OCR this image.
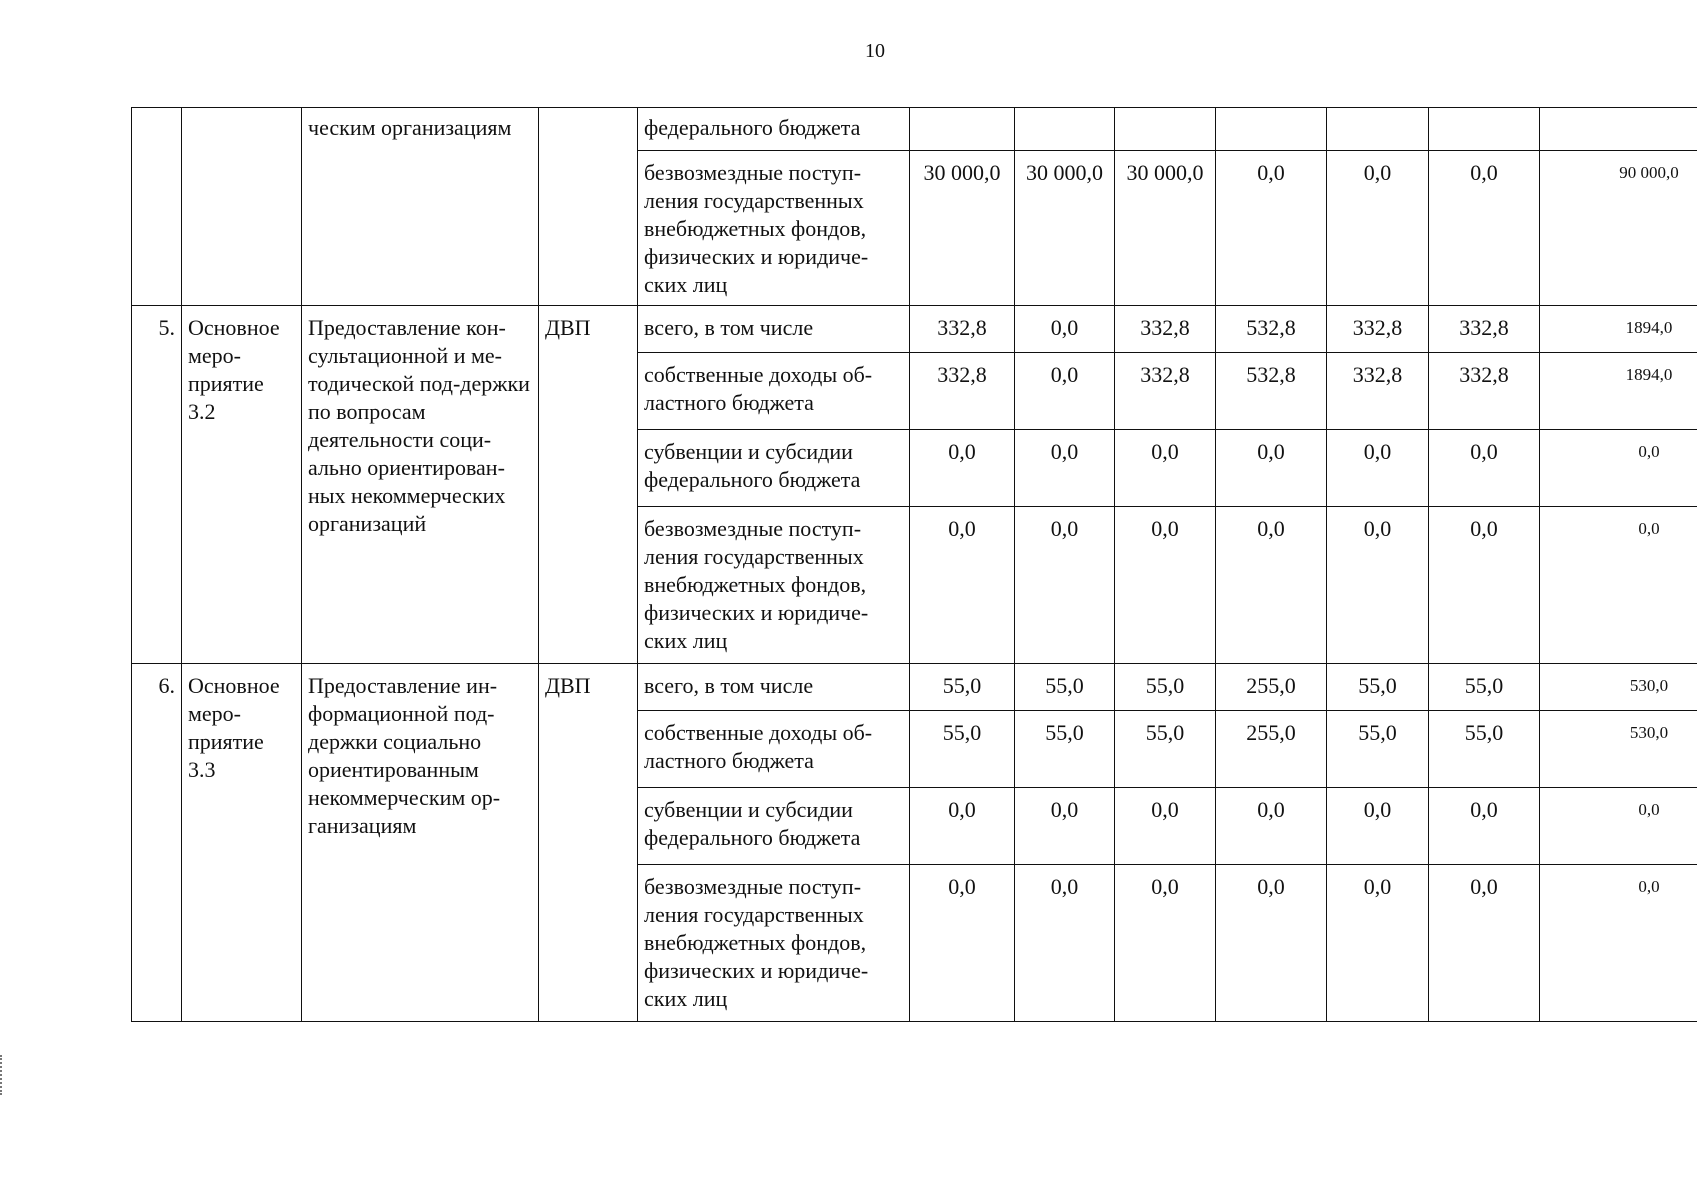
10
		ческим организациям		федерального бюджета							
				безвозмездные поступ-ления государственных внебюджетных фондов, физических и юридиче-ских лиц	30 000,0	30 000,0	30 000,0	0,0	0,0	0,0	90 000,0
5.	Основное меро-приятие 3.2	Предоставление кон-сультационной и ме-тодической под-держки по вопросам деятельности соци-ально ориентирован-ных некоммерческих организаций	ДВП	всего, в том числе	332,8	0,0	332,8	532,8	332,8	332,8	1894,0
				собственные доходы об-ластного бюджета	332,8	0,0	332,8	532,8	332,8	332,8	1894,0
				субвенции и субсидии федерального бюджета	0,0	0,0	0,0	0,0	0,0	0,0	0,0
				безвозмездные поступ-ления государственных внебюджетных фондов, физических и юридиче-ских лиц	0,0	0,0	0,0	0,0	0,0	0,0	0,0
6.	Основное меро-приятие 3.3	Предоставление ин-формационной под-держки социально ориентированным некоммерческим ор-ганизациям	ДВП	всего, в том числе	55,0	55,0	55,0	255,0	55,0	55,0	530,0
				собственные доходы об-ластного бюджета	55,0	55,0	55,0	255,0	55,0	55,0	530,0
				субвенции и субсидии федерального бюджета	0,0	0,0	0,0	0,0	0,0	0,0	0,0
				безвозмездные поступ-ления государственных внебюджетных фондов, физических и юридиче-ских лиц	0,0	0,0	0,0	0,0	0,0	0,0	0,0
